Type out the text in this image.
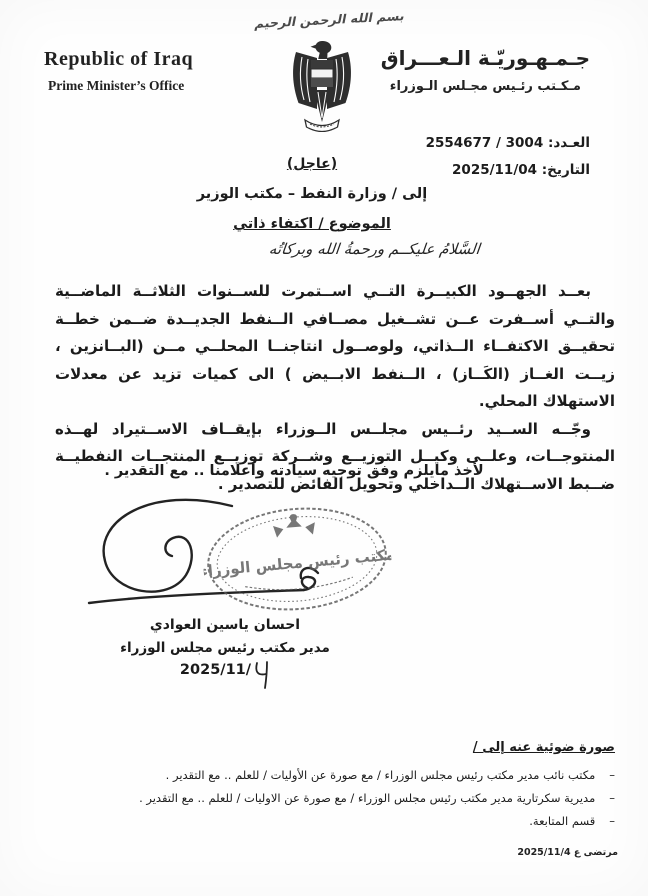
بسم الله الرحمن الرحيم
Republic of Iraq
Prime Minister’s Office
جـمـهـوريّـة الـعـــراق
مـكـتب رئـيس مجـلس الـوزراء
العـدد: 2554677 / 3004
التاريخ: 2025/11/04
(عاجل)
إلى / وزارة النفط – مكتب الوزير
الموضوع / اكتفاء ذاتي
السَّلامُ عليكــم ورحمةُ الله وبركاتُه

بعــد الجهــود الكبيــرة التــي اســتمرت للســنوات الثلاثــة الماضــية والتــي أســفرت عــن تشــغيل مصــافي الــنفط الجديــدة ضــمن خطــة تحقيــق الاكتفــاء الــذاتي، ولوصــول انتاجنــا المحلــي مــن (البــانزين ، زيــت الغــاز (الكَــاز) ، الــنفط الابــيض ) الى كميات تزيد عن معدلات الاستهلاك المحلي.

وجّــه الســيد رئــيس مجلــس الــوزراء بإيقــاف الاســتيراد لهــذه المنتوجــات، وعلــى وكيــل التوزيــع وشــركة توزيــع المنتجــات النفطيــة ضــبط الاســتهلاك الــداخلي وتحويل الفائض للتصدير .

لأخذ مايلزم وفق توجيه سيادته واعلامنا .. مع التقدير .
مكتب رئيس مجلس الوزراء
احسان ياسين العوادي
مدير مكتب رئيس مجلس الوزراء
2025/11/
صورة ضوئية عنه إلى /
–مكتب نائب مدير مكتب رئيس مجلس الوزراء / مع صورة عن الأوليات / للعلم .. مع التقدير .
–مديرية سكرتارية مدير مكتب رئيس مجلس الوزراء / مع صورة عن الاوليات / للعلم .. مع التقدير .
–قسم المتابعة.
مرتضى ع 2025/11/4
